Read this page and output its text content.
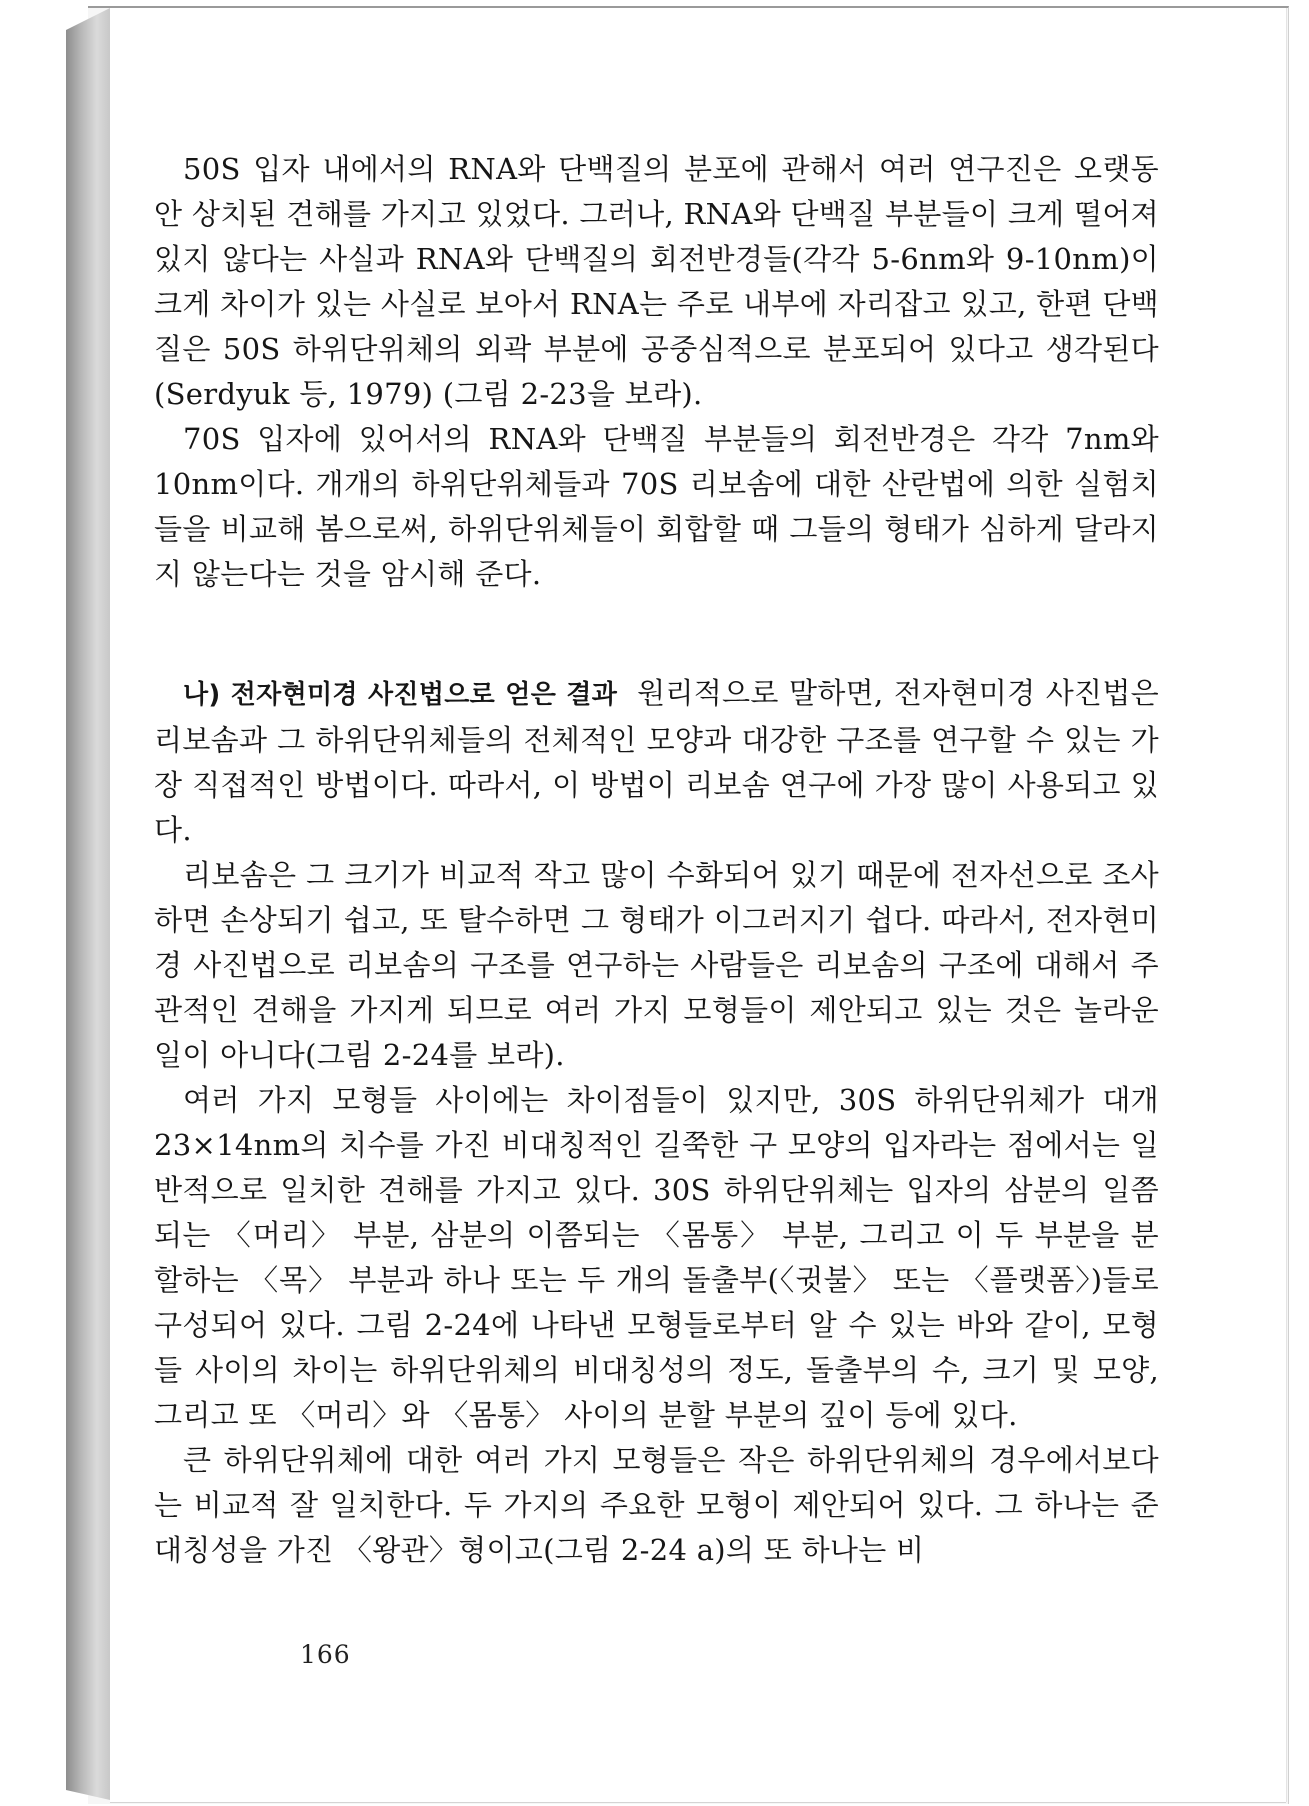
50S 입자 내에서의 RNA와 단백질의 분포에 관해서 여러 연구진은 오랫동안 상치된 견해를 가지고 있었다. 그러나, RNA와 단백질 부분들이 크게 떨어져 있지 않다는 사실과 RNA와 단백질의 회전반경들(각각 5-6nm와 9-10nm)이 크게 차이가 있는 사실로 보아서 RNA는 주로 내부에 자리잡고 있고, 한편 단백질은 50S 하위단위체의 외곽 부분에 공중심적으로 분포되어 있다고 생각된다(Serdyuk 등, 1979) (그림 2-23을 보라).

70S 입자에 있어서의 RNA와 단백질 부분들의 회전반경은 각각 7nm와 10nm이다. 개개의 하위단위체들과 70S 리보솜에 대한 산란법에 의한 실험치들을 비교해 봄으로써, 하위단위체들이 회합할 때 그들의 형태가 심하게 달라지지 않는다는 것을 암시해 준다.

나) 전자현미경 사진법으로 얻은 결과 원리적으로 말하면, 전자현미경 사진법은 리보솜과 그 하위단위체들의 전체적인 모양과 대강한 구조를 연구할 수 있는 가장 직접적인 방법이다. 따라서, 이 방법이 리보솜 연구에 가장 많이 사용되고 있다.

리보솜은 그 크기가 비교적 작고 많이 수화되어 있기 때문에 전자선으로 조사하면 손상되기 쉽고, 또 탈수하면 그 형태가 이그러지기 쉽다. 따라서, 전자현미경 사진법으로 리보솜의 구조를 연구하는 사람들은 리보솜의 구조에 대해서 주관적인 견해을 가지게 되므로 여러 가지 모형들이 제안되고 있는 것은 놀라운 일이 아니다(그림 2-24를 보라).

여러 가지 모형들 사이에는 차이점들이 있지만, 30S 하위단위체가 대개 23×14nm의 치수를 가진 비대칭적인 길쭉한 구 모양의 입자라는 점에서는 일반적으로 일치한 견해를 가지고 있다. 30S 하위단위체는 입자의 삼분의 일쯤 되는 〈머리〉 부분, 삼분의 이쯤되는 〈몸통〉 부분, 그리고 이 두 부분을 분할하는 〈목〉 부분과 하나 또는 두 개의 돌출부(〈귓불〉 또는 〈플랫폼〉)들로 구성되어 있다. 그림 2-24에 나타낸 모형들로부터 알 수 있는 바와 같이, 모형들 사이의 차이는 하위단위체의 비대칭성의 정도, 돌출부의 수, 크기 및 모양, 그리고 또 〈머리〉와 〈몸통〉 사이의 분할 부분의 깊이 등에 있다.

큰 하위단위체에 대한 여러 가지 모형들은 작은 하위단위체의 경우에서보다는 비교적 잘 일치한다. 두 가지의 주요한 모형이 제안되어 있다. 그 하나는 준대칭성을 가진 〈왕관〉형이고(그림 2-24 a)의 또 하나는 비

166
